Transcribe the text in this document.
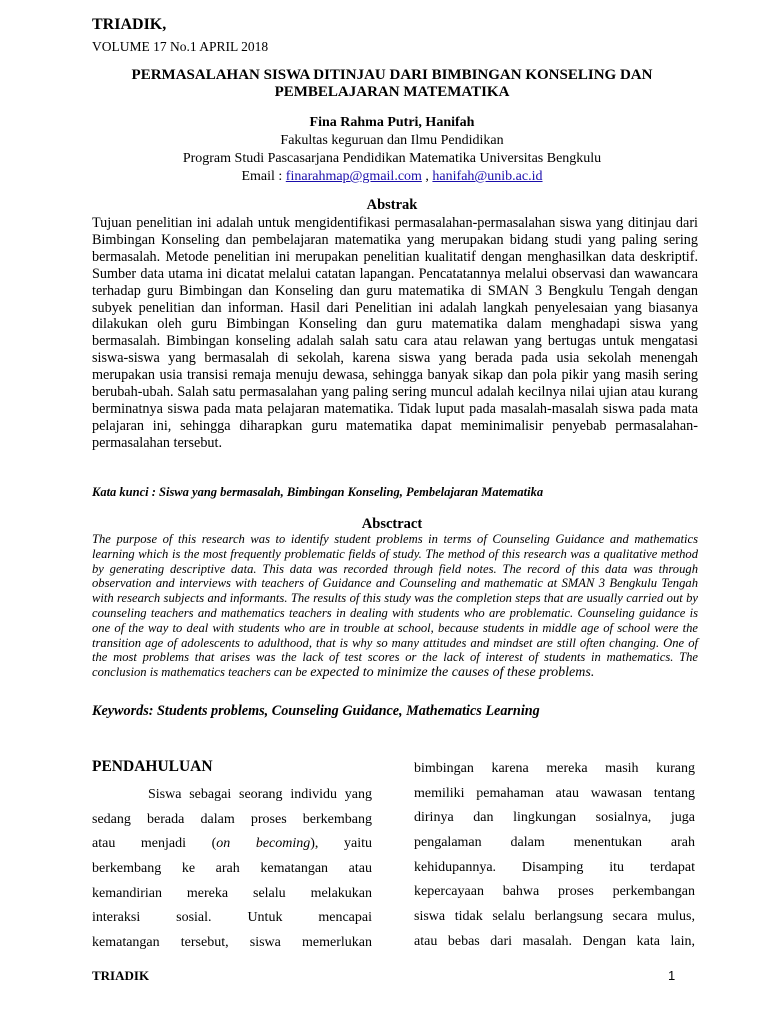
TRIADIK,
VOLUME 17 No.1 APRIL 2018
PERMASALAHAN SISWA DITINJAU DARI BIMBINGAN KONSELING DAN
PEMBELAJARAN MATEMATIKA
Fina Rahma Putri, Hanifah
Fakultas keguruan dan Ilmu Pendidikan
Program Studi Pascasarjana Pendidikan Matematika Universitas Bengkulu
Email : finarahmap@gmail.com , hanifah@unib.ac.id
Abstrak
Tujuan penelitian ini adalah untuk mengidentifikasi permasalahan-permasalahan siswa yang ditinjau dari Bimbingan Konseling dan pembelajaran matematika yang merupakan bidang studi yang paling sering bermasalah. Metode penelitian ini merupakan penelitian kualitatif dengan menghasilkan data deskriptif. Sumber data utama ini dicatat melalui catatan lapangan. Pencatatannya melalui observasi dan wawancara terhadap guru Bimbingan dan Konseling dan guru matematika di SMAN 3 Bengkulu Tengah dengan subyek penelitian dan informan. Hasil dari Penelitian ini adalah langkah penyelesaian yang biasanya dilakukan oleh guru Bimbingan Konseling dan guru matematika dalam menghadapi siswa yang bermasalah. Bimbingan konseling adalah salah satu cara atau relawan yang bertugas untuk mengatasi siswa-siswa yang bermasalah di sekolah, karena siswa yang berada pada usia sekolah menengah merupakan usia transisi remaja menuju dewasa, sehingga banyak sikap dan pola pikir yang masih sering berubah-ubah. Salah satu permasalahan yang paling sering muncul adalah kecilnya nilai ujian atau kurang berminatnya siswa pada mata pelajaran matematika. Tidak luput pada masalah-masalah siswa pada mata pelajaran ini, sehingga diharapkan guru matematika dapat meminimalisir penyebab permasalahan-permasalahan tersebut.
Kata kunci : Siswa yang bermasalah, Bimbingan Konseling, Pembelajaran Matematika
Absctract
The purpose of this research was to identify student problems in terms of Counseling Guidance and mathematics learning which is the most frequently problematic fields of study. The method of this research was a qualitative method by generating descriptive data. This data was recorded through field notes. The record of this data was through observation and interviews with teachers of Guidance and Counseling and mathematic at SMAN 3 Bengkulu Tengah with research subjects and informants. The results of this study was the completion steps that are usually carried out by counseling teachers and mathematics teachers in dealing with students who are problematic. Counseling guidance is one of the way to deal with students who are in trouble at school, because students in middle age of school were the transition age of adolescents to adulthood, that is why so many attitudes and mindset are still often changing. One of the most problems that arises was the lack of test scores or the lack of interest of students in mathematics. The conclusion is mathematics teachers can be expected to minimize the causes of these problems.
Keywords: Students problems, Counseling Guidance, Mathematics Learning
PENDAHULUAN
Siswa sebagai seorang individu yang
sedang berada dalam proses berkembang
atau menjadi (on becoming), yaitu
berkembang ke arah kematangan atau
kemandirian mereka selalu melakukan
interaksi sosial. Untuk mencapai
kematangan tersebut, siswa memerlukan
bimbingan karena mereka masih kurang
memiliki pemahaman atau wawasan tentang
dirinya dan lingkungan sosialnya, juga
pengalaman dalam menentukan arah
kehidupannya. Disamping itu terdapat
kepercayaan bahwa proses perkembangan
siswa tidak selalu berlangsung secara mulus,
atau bebas dari masalah. Dengan kata lain,
TRIADIK	1
